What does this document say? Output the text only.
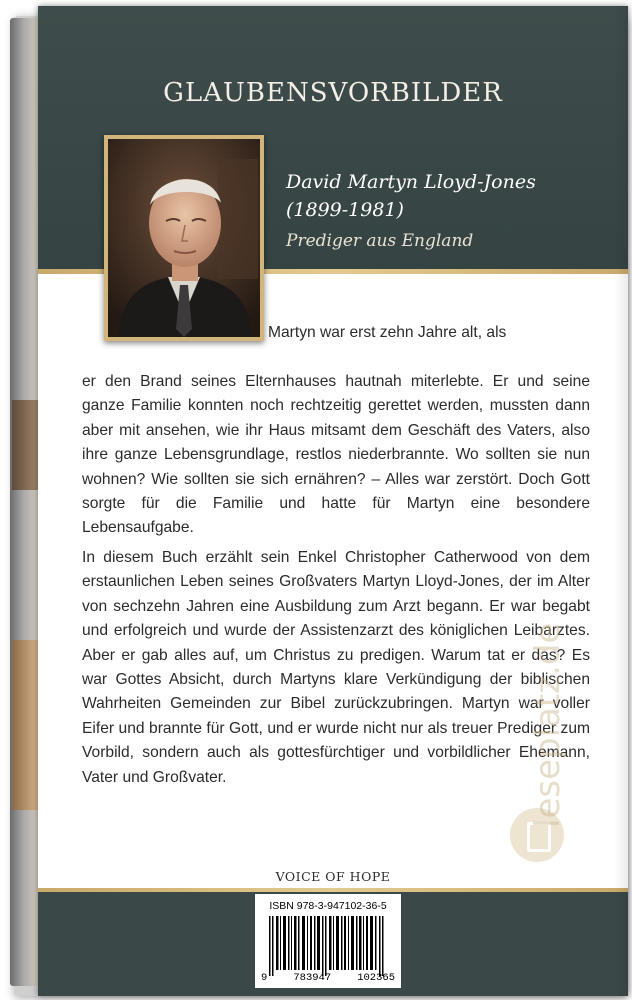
GLAUBENSVORBILDER
David Martyn Lloyd-Jones
(1899-1981)
Prediger aus England
Martyn war erst zehn Jahre alt, als
er den Brand seines Elternhauses hautnah miterlebte. Er und seine ganze Familie konnten noch rechtzeitig gerettet werden, mussten dann aber mit ansehen, wie ihr Haus mitsamt dem Geschäft des Vaters, also ihre ganze Lebensgrundlage, restlos niederbrannte. Wo sollten sie nun wohnen? Wie sollten sie sich ernähren? – Alles war zerstört. Doch Gott sorgte für die Familie und hatte für Martyn eine besondere Lebensaufgabe.
In diesem Buch erzählt sein Enkel Christopher Catherwood von dem erstaunlichen Leben seines Großvaters Martyn Lloyd-Jones, der im Alter von sechzehn Jahren eine Ausbildung zum Arzt begann. Er war begabt und erfolgreich und wurde der Assistenzarzt des königlichen Leibarztes. Aber er gab alles auf, um Christus zu predigen. Warum tat er das? Es war Gottes Absicht, durch Martyns klare Verkündigung der biblischen Wahrheiten Gemeinden zur Bibel zurückzubringen. Martyn war voller Eifer und brannte für Gott, und er wurde nicht nur als treuer Prediger zum Vorbild, sondern auch als gottesfürchtiger und vorbildlicher Ehemann, Vater und Großvater.
VOICE OF HOPE
ISBN 978-3-947102-36-5
9 783947 102365
leseplatz.de
